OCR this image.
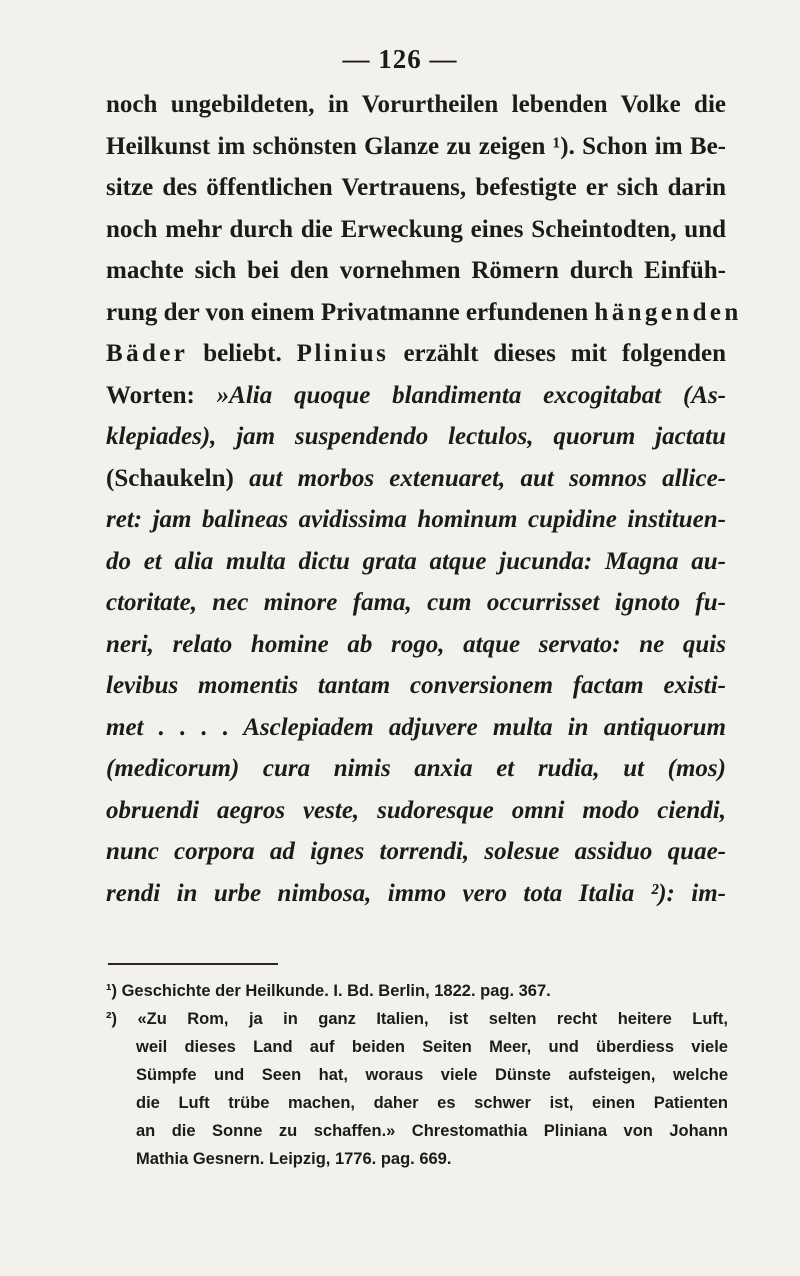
— 126 —
noch ungebildeten, in Vorurtheilen lebenden Volke die
Heilkunst im schönsten Glanze zu zeigen ¹). Schon im Be-
sitze des öffentlichen Vertrauens, befestigte er sich darin
noch mehr durch die Erweckung eines Scheintodten, und
machte sich bei den vornehmen Römern durch Einfüh-
rung der von einem Privatmanne erfundenen hängenden
Bäder beliebt. Plinius erzählt dieses mit folgenden
Worten: »Alia quoque blandimenta excogitabat (As-
klepiades), jam suspendendo lectulos, quorum jactatu
(Schaukeln) aut morbos extenuaret, aut somnos allice-
ret: jam balineas avidissima hominum cupidine instituen-
do et alia multa dictu grata atque jucunda: Magna au-
ctoritate, nec minore fama, cum occurrisset ignoto fu-
neri, relato homine ab rogo, atque servato: ne quis
levibus momentis tantam conversionem factam existi-
met . . . . Asclepiadem adjuvere multa in antiquorum
(medicorum) cura nimis anxia et rudia, ut (mos)
obruendi aegros veste, sudoresque omni modo ciendi,
nunc corpora ad ignes torrendi, solesue assiduo quae-
rendi in urbe nimbosa, immo vero tota Italia ²): im-
¹) Geschichte der Heilkunde. I. Bd. Berlin, 1822. pag. 367.
²) «Zu Rom, ja in ganz Italien, ist selten recht heitere Luft,
weil dieses Land auf beiden Seiten Meer, und überdiess viele
Sümpfe und Seen hat, woraus viele Dünste aufsteigen, welche
die Luft trübe machen, daher es schwer ist, einen Patienten
an die Sonne zu schaffen.» Chrestomathia Pliniana von Johann
Mathia Gesnern. Leipzig, 1776. pag. 669.
